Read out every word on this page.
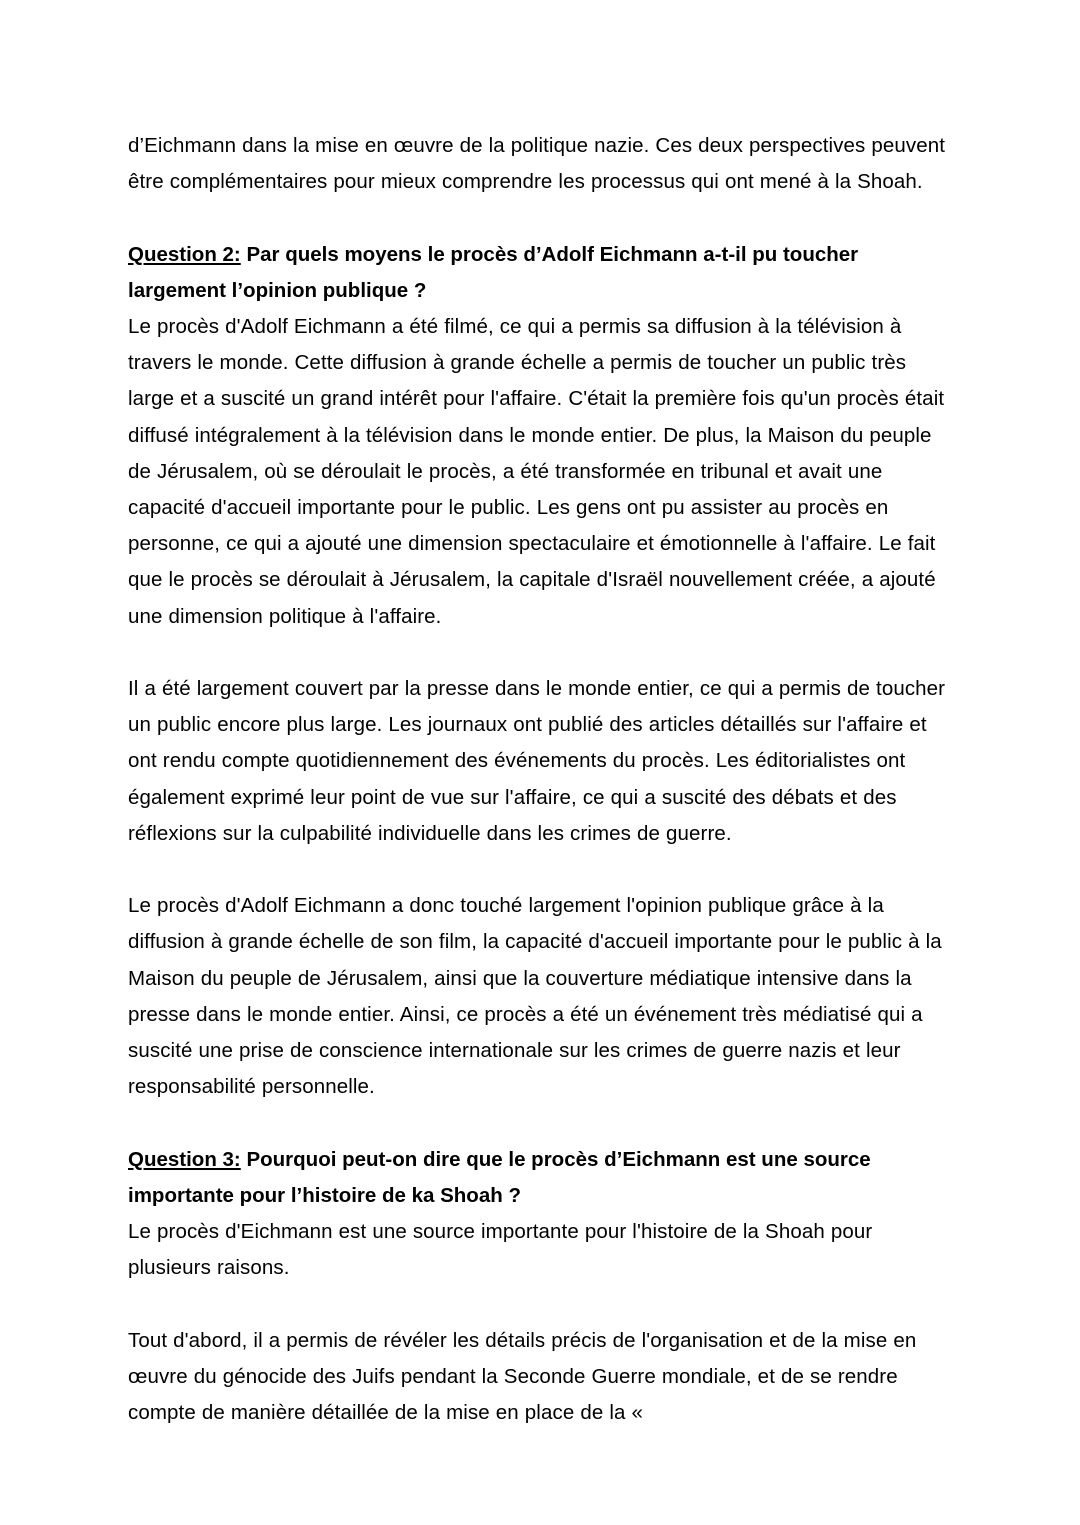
d’Eichmann dans la mise en œuvre de la politique nazie. Ces deux perspectives peuvent être complémentaires pour mieux comprendre les processus qui ont mené à la Shoah.

Question 2: Par quels moyens le procès d’Adolf Eichmann a-t-il pu toucher largement l’opinion publique ?

Le procès d'Adolf Eichmann a été filmé, ce qui a permis sa diffusion à la télévision à travers le monde. Cette diffusion à grande échelle a permis de toucher un public très large et a suscité un grand intérêt pour l'affaire. C'était la première fois qu'un procès était diffusé intégralement à la télévision dans le monde entier. De plus, la Maison du peuple de Jérusalem, où se déroulait le procès, a été transformée en tribunal et avait une capacité d'accueil importante pour le public. Les gens ont pu assister au procès en personne, ce qui a ajouté une dimension spectaculaire et émotionnelle à l'affaire. Le fait que le procès se déroulait à Jérusalem, la capitale d'Israël nouvellement créée, a ajouté une dimension politique à l'affaire.

Il a été largement couvert par la presse dans le monde entier, ce qui a permis de toucher un public encore plus large. Les journaux ont publié des articles détaillés sur l'affaire et ont rendu compte quotidiennement des événements du procès. Les éditorialistes ont également exprimé leur point de vue sur l'affaire, ce qui a suscité des débats et des réflexions sur la culpabilité individuelle dans les crimes de guerre.

Le procès d'Adolf Eichmann a donc touché largement l'opinion publique grâce à la diffusion à grande échelle de son film, la capacité d'accueil importante pour le public à la Maison du peuple de Jérusalem, ainsi que la couverture médiatique intensive dans la presse dans le monde entier. Ainsi, ce procès a été un événement très médiatisé qui a suscité une prise de conscience internationale sur les crimes de guerre nazis et leur responsabilité personnelle.

Question 3: Pourquoi peut-on dire que le procès d’Eichmann est une source importante pour l’histoire de ka Shoah ?

Le procès d'Eichmann est une source importante pour l'histoire de la Shoah pour plusieurs raisons.

Tout d'abord, il a permis de révéler les détails précis de l'organisation et de la mise en œuvre du génocide des Juifs pendant la Seconde Guerre mondiale, et de se rendre compte de manière détaillée de la mise en place de la «
